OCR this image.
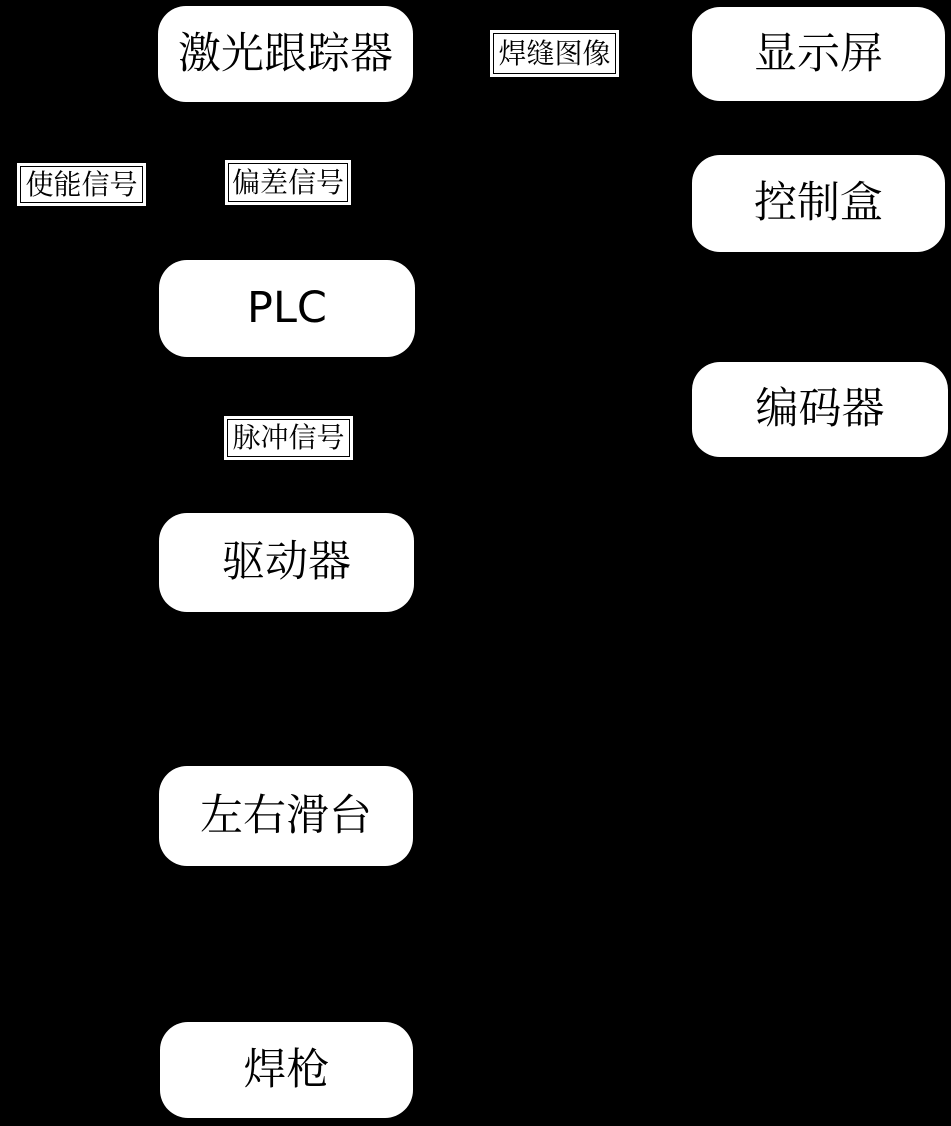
激光跟踪器
PLC
驱动器
左右滑台
焊枪
显示屏
控制盒
编码器
使能信号	偏差信号
焊缝图像
脉冲信号
